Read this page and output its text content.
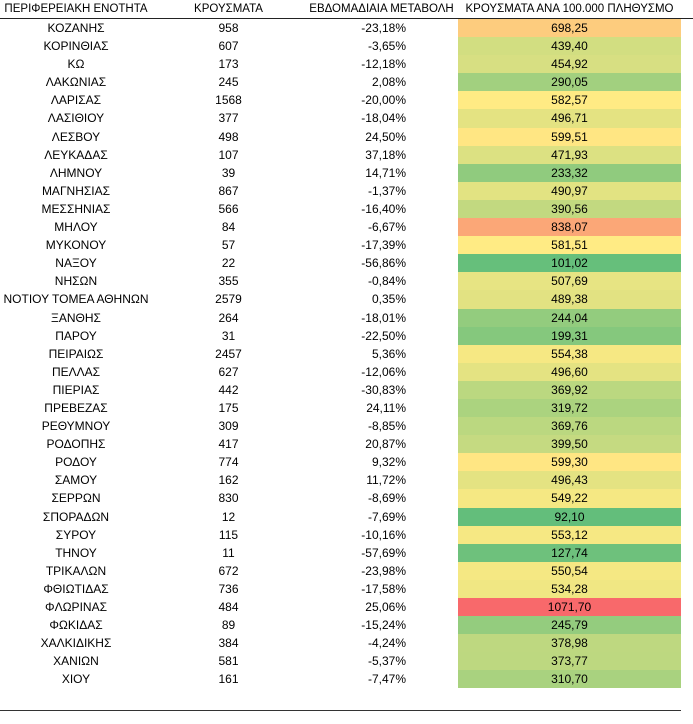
ΠΕΡΙΦΕΡΕΙΑΚΗ ΕΝΟΤΗΤΑ	ΚΡΟΥΣΜΑΤΑ	ΕΒΔΟΜΑΔΙΑΙΑ ΜΕΤΑΒΟΛΗ	ΚΡΟΥΣΜΑΤΑ ΑΝΑ 100.000 ΠΛΗΘΥΣΜΟ
ΚΟΖΑΝΗΣ	958	-23,18%	698,25
ΚΟΡΙΝΘΙΑΣ	607	-3,65%	439,40
ΚΩ	173	-12,18%	454,92
ΛΑΚΩΝΙΑΣ	245	2,08%	290,05
ΛΑΡΙΣΑΣ	1568	-20,00%	582,57
ΛΑΣΙΘΙΟΥ	377	-18,04%	496,71
ΛΕΣΒΟΥ	498	24,50%	599,51
ΛΕΥΚΑΔΑΣ	107	37,18%	471,93
ΛΗΜΝΟΥ	39	14,71%	233,32
ΜΑΓΝΗΣΙΑΣ	867	-1,37%	490,97
ΜΕΣΣΗΝΙΑΣ	566	-16,40%	390,56
ΜΗΛΟΥ	84	-6,67%	838,07
ΜΥΚΟΝΟΥ	57	-17,39%	581,51
ΝΑΞΟΥ	22	-56,86%	101,02
ΝΗΣΩΝ	355	-0,84%	507,69
ΝΟΤΙΟΥ ΤΟΜΕΑ ΑΘΗΝΩΝ	2579	0,35%	489,38
ΞΑΝΘΗΣ	264	-18,01%	244,04
ΠΑΡΟΥ	31	-22,50%	199,31
ΠΕΙΡΑΙΩΣ	2457	5,36%	554,38
ΠΕΛΛΑΣ	627	-12,06%	496,60
ΠΙΕΡΙΑΣ	442	-30,83%	369,92
ΠΡΕΒΕΖΑΣ	175	24,11%	319,72
ΡΕΘΥΜΝΟΥ	309	-8,85%	369,76
ΡΟΔΟΠΗΣ	417	20,87%	399,50
ΡΟΔΟΥ	774	9,32%	599,30
ΣΑΜΟΥ	162	11,72%	496,43
ΣΕΡΡΩΝ	830	-8,69%	549,22
ΣΠΟΡΑΔΩΝ	12	-7,69%	92,10
ΣΥΡΟΥ	115	-10,16%	553,12
ΤΗΝΟΥ	11	-57,69%	127,74
ΤΡΙΚΑΛΩΝ	672	-23,98%	550,54
ΦΘΙΩΤΙΔΑΣ	736	-17,58%	534,28
ΦΛΩΡΙΝΑΣ	484	25,06%	1071,70
ΦΩΚΙΔΑΣ	89	-15,24%	245,79
ΧΑΛΚΙΔΙΚΗΣ	384	-4,24%	378,98
ΧΑΝΙΩΝ	581	-5,37%	373,77
ΧΙΟΥ	161	-7,47%	310,70
